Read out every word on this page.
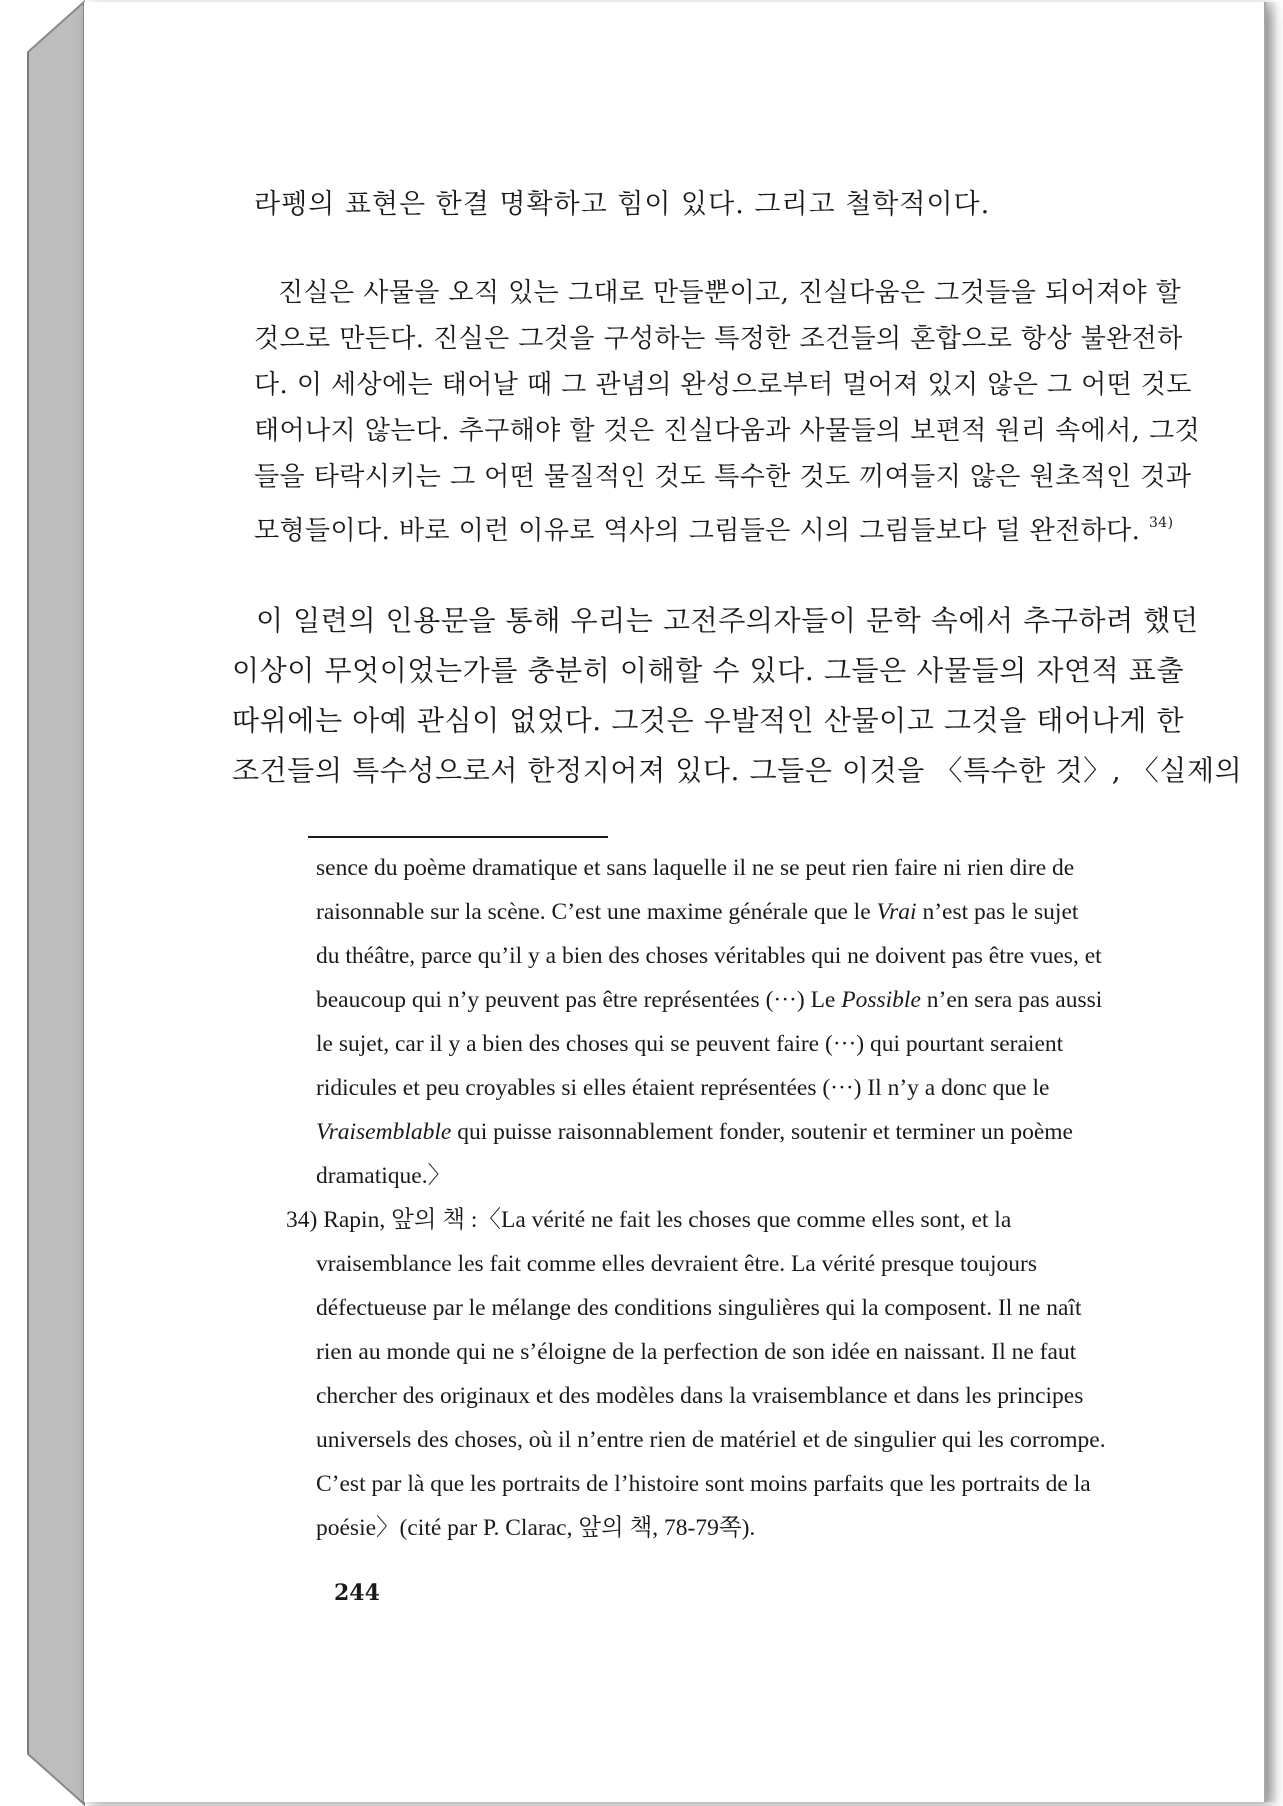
라펭의 표현은 한결 명확하고 힘이 있다. 그리고 철학적이다.
진실은 사물을 오직 있는 그대로 만들뿐이고, 진실다움은 그것들을 되어져야 할
것으로 만든다. 진실은 그것을 구성하는 특정한 조건들의 혼합으로 항상 불완전하
다. 이 세상에는 태어날 때 그 관념의 완성으로부터 멀어져 있지 않은 그 어떤 것도
태어나지 않는다. 추구해야 할 것은 진실다움과 사물들의 보편적 원리 속에서, 그것
들을 타락시키는 그 어떤 물질적인 것도 특수한 것도 끼여들지 않은 원초적인 것과
모형들이다. 바로 이런 이유로 역사의 그림들은 시의 그림들보다 덜 완전하다. $^{34)}$
이 일련의 인용문을 통해 우리는 고전주의자들이 문학 속에서 추구하려 했던
이상이 무엇이었는가를 충분히 이해할 수 있다. 그들은 사물들의 자연적 표출
따위에는 아예 관심이 없었다. 그것은 우발적인 산물이고 그것을 태어나게 한
조건들의 특수성으로서 한정지어져 있다. 그들은 이것을 〈특수한 것〉, 〈실제의
sence du poème dramatique et sans laquelle il ne se peut rien faire ni rien dire de
raisonnable sur la scène. C’est une maxime générale que le Vrai n’est pas le sujet
du théâtre, parce qu’il y a bien des choses véritables qui ne doivent pas être vues, et
beaucoup qui n’y peuvent pas être représentées (···) Le Possible n’en sera pas aussi
le sujet, car il y a bien des choses qui se peuvent faire (···) qui pourtant seraient
ridicules et peu croyables si elles étaient représentées (···) Il n’y a donc que le
Vraisemblable qui puisse raisonnablement fonder, soutenir et terminer un poème
dramatique.〉
34) Rapin, 앞의 책 :〈La vérité ne fait les choses que comme elles sont, et la
vraisemblance les fait comme elles devraient être. La vérité presque toujours
défectueuse par le mélange des conditions singulières qui la composent. Il ne naît
rien au monde qui ne s’éloigne de la perfection de son idée en naissant. Il ne faut
chercher des originaux et des modèles dans la vraisemblance et dans les principes
universels des choses, où il n’entre rien de matériel et de singulier qui les corrompe.
C’est par là que les portraits de l’histoire sont moins parfaits que les portraits de la
poésie〉(cité par P. Clarac, 앞의 책, 78-79쪽).
244
